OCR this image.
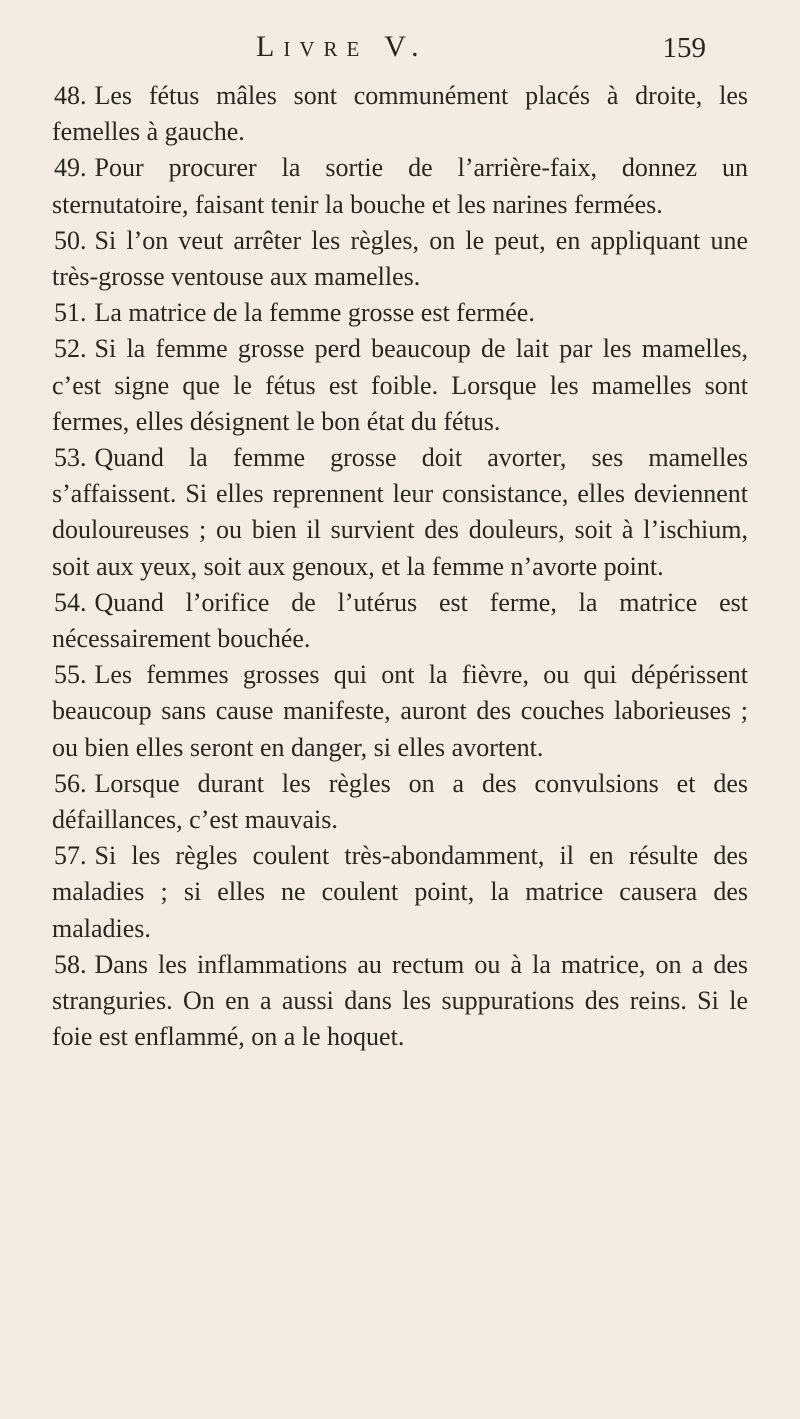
Livre V.	159

48. Les fétus mâles sont communément placés à droite, les femelles à gauche.

49. Pour procurer la sortie de l’arrière-faix, donnez un sternutatoire, faisant tenir la bouche et les narines fermées.

50. Si l’on veut arrêter les règles, on le peut, en appliquant une très-grosse ventouse aux mamelles.

51. La matrice de la femme grosse est fermée.

52. Si la femme grosse perd beaucoup de lait par les mamelles, c’est signe que le fétus est foible. Lorsque les mamelles sont fermes, elles désignent le bon état du fétus.

53. Quand la femme grosse doit avorter, ses mamelles s’affaissent. Si elles reprennent leur consistance, elles deviennent douloureuses ; ou bien il survient des douleurs, soit à l’ischium, soit aux yeux, soit aux genoux, et la femme n’avorte point.

54. Quand l’orifice de l’utérus est ferme, la matrice est nécessairement bouchée.

55. Les femmes grosses qui ont la fièvre, ou qui dépérissent beaucoup sans cause manifeste, auront des couches laborieuses ; ou bien elles seront en danger, si elles avortent.

56. Lorsque durant les règles on a des convulsions et des défaillances, c’est mauvais.

57. Si les règles coulent très-abondamment, il en résulte des maladies ; si elles ne coulent point, la matrice causera des maladies.

58. Dans les inflammations au rectum ou à la matrice, on a des stranguries. On en a aussi dans les suppurations des reins. Si le foie est enflammé, on a le hoquet.
